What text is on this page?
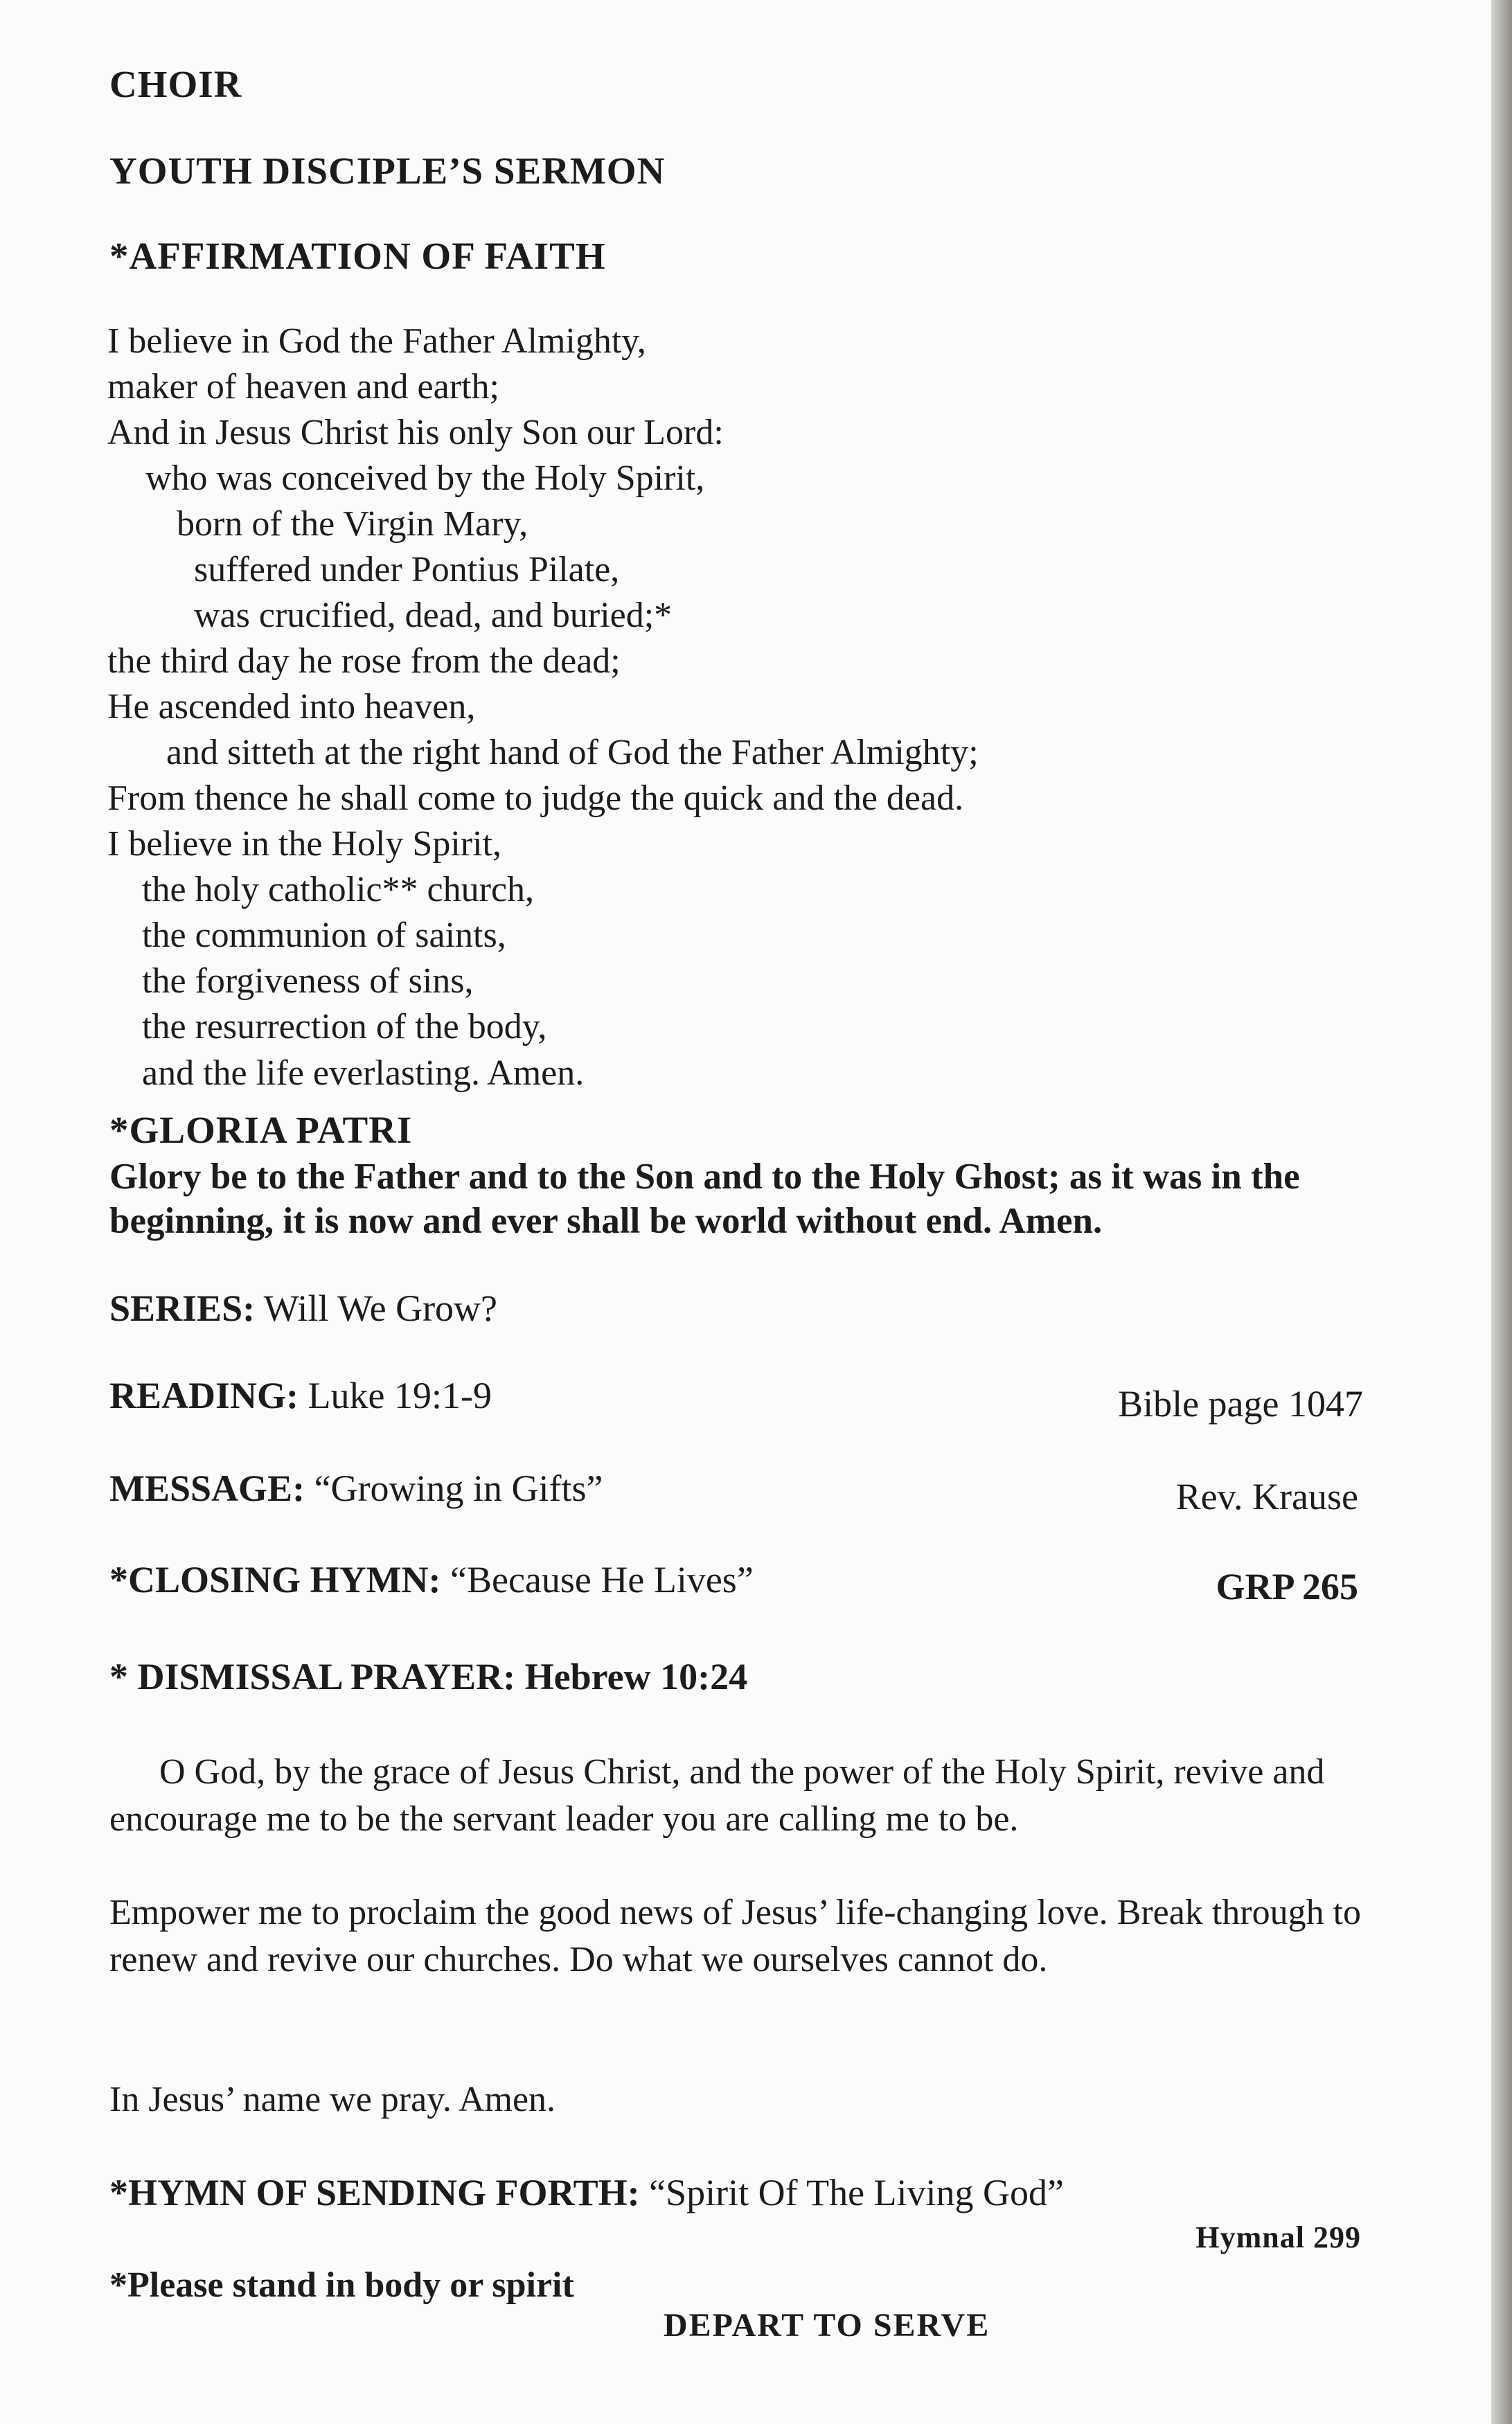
CHOIR
YOUTH DISCIPLE’S SERMON
*AFFIRMATION OF FAITH
I believe in God the Father Almighty,
maker of heaven and earth;
And in Jesus Christ his only Son our Lord:
who was conceived by the Holy Spirit,
born of the Virgin Mary,
suffered under Pontius Pilate,
was crucified, dead, and buried;*
the third day he rose from the dead;
He ascended into heaven,
and sitteth at the right hand of God the Father Almighty;
From thence he shall come to judge the quick and the dead.
I believe in the Holy Spirit,
the holy catholic** church,
the communion of saints,
the forgiveness of sins,
the resurrection of the body,
and the life everlasting. Amen.
*GLORIA PATRI
Glory be to the Father and to the Son and to the Holy Ghost; as it was in the beginning, it is now and ever shall be world without end. Amen.
SERIES: Will We Grow?
READING: Luke 19:1-9	Bible page 1047
MESSAGE: “Growing in Gifts”	Rev. Krause
*CLOSING HYMN: “Because He Lives”	GRP 265
* DISMISSAL PRAYER: Hebrew 10:24
O God, by the grace of Jesus Christ, and the power of the Holy Spirit, revive and encourage me to be the servant leader you are calling me to be.
Empower me to proclaim the good news of Jesus’ life-changing love. Break through to renew and revive our churches. Do what we ourselves cannot do.
In Jesus’ name we pray. Amen.
*HYMN OF SENDING FORTH: “Spirit Of The Living God”
Hymnal 299
*Please stand in body or spirit
DEPART TO SERVE
